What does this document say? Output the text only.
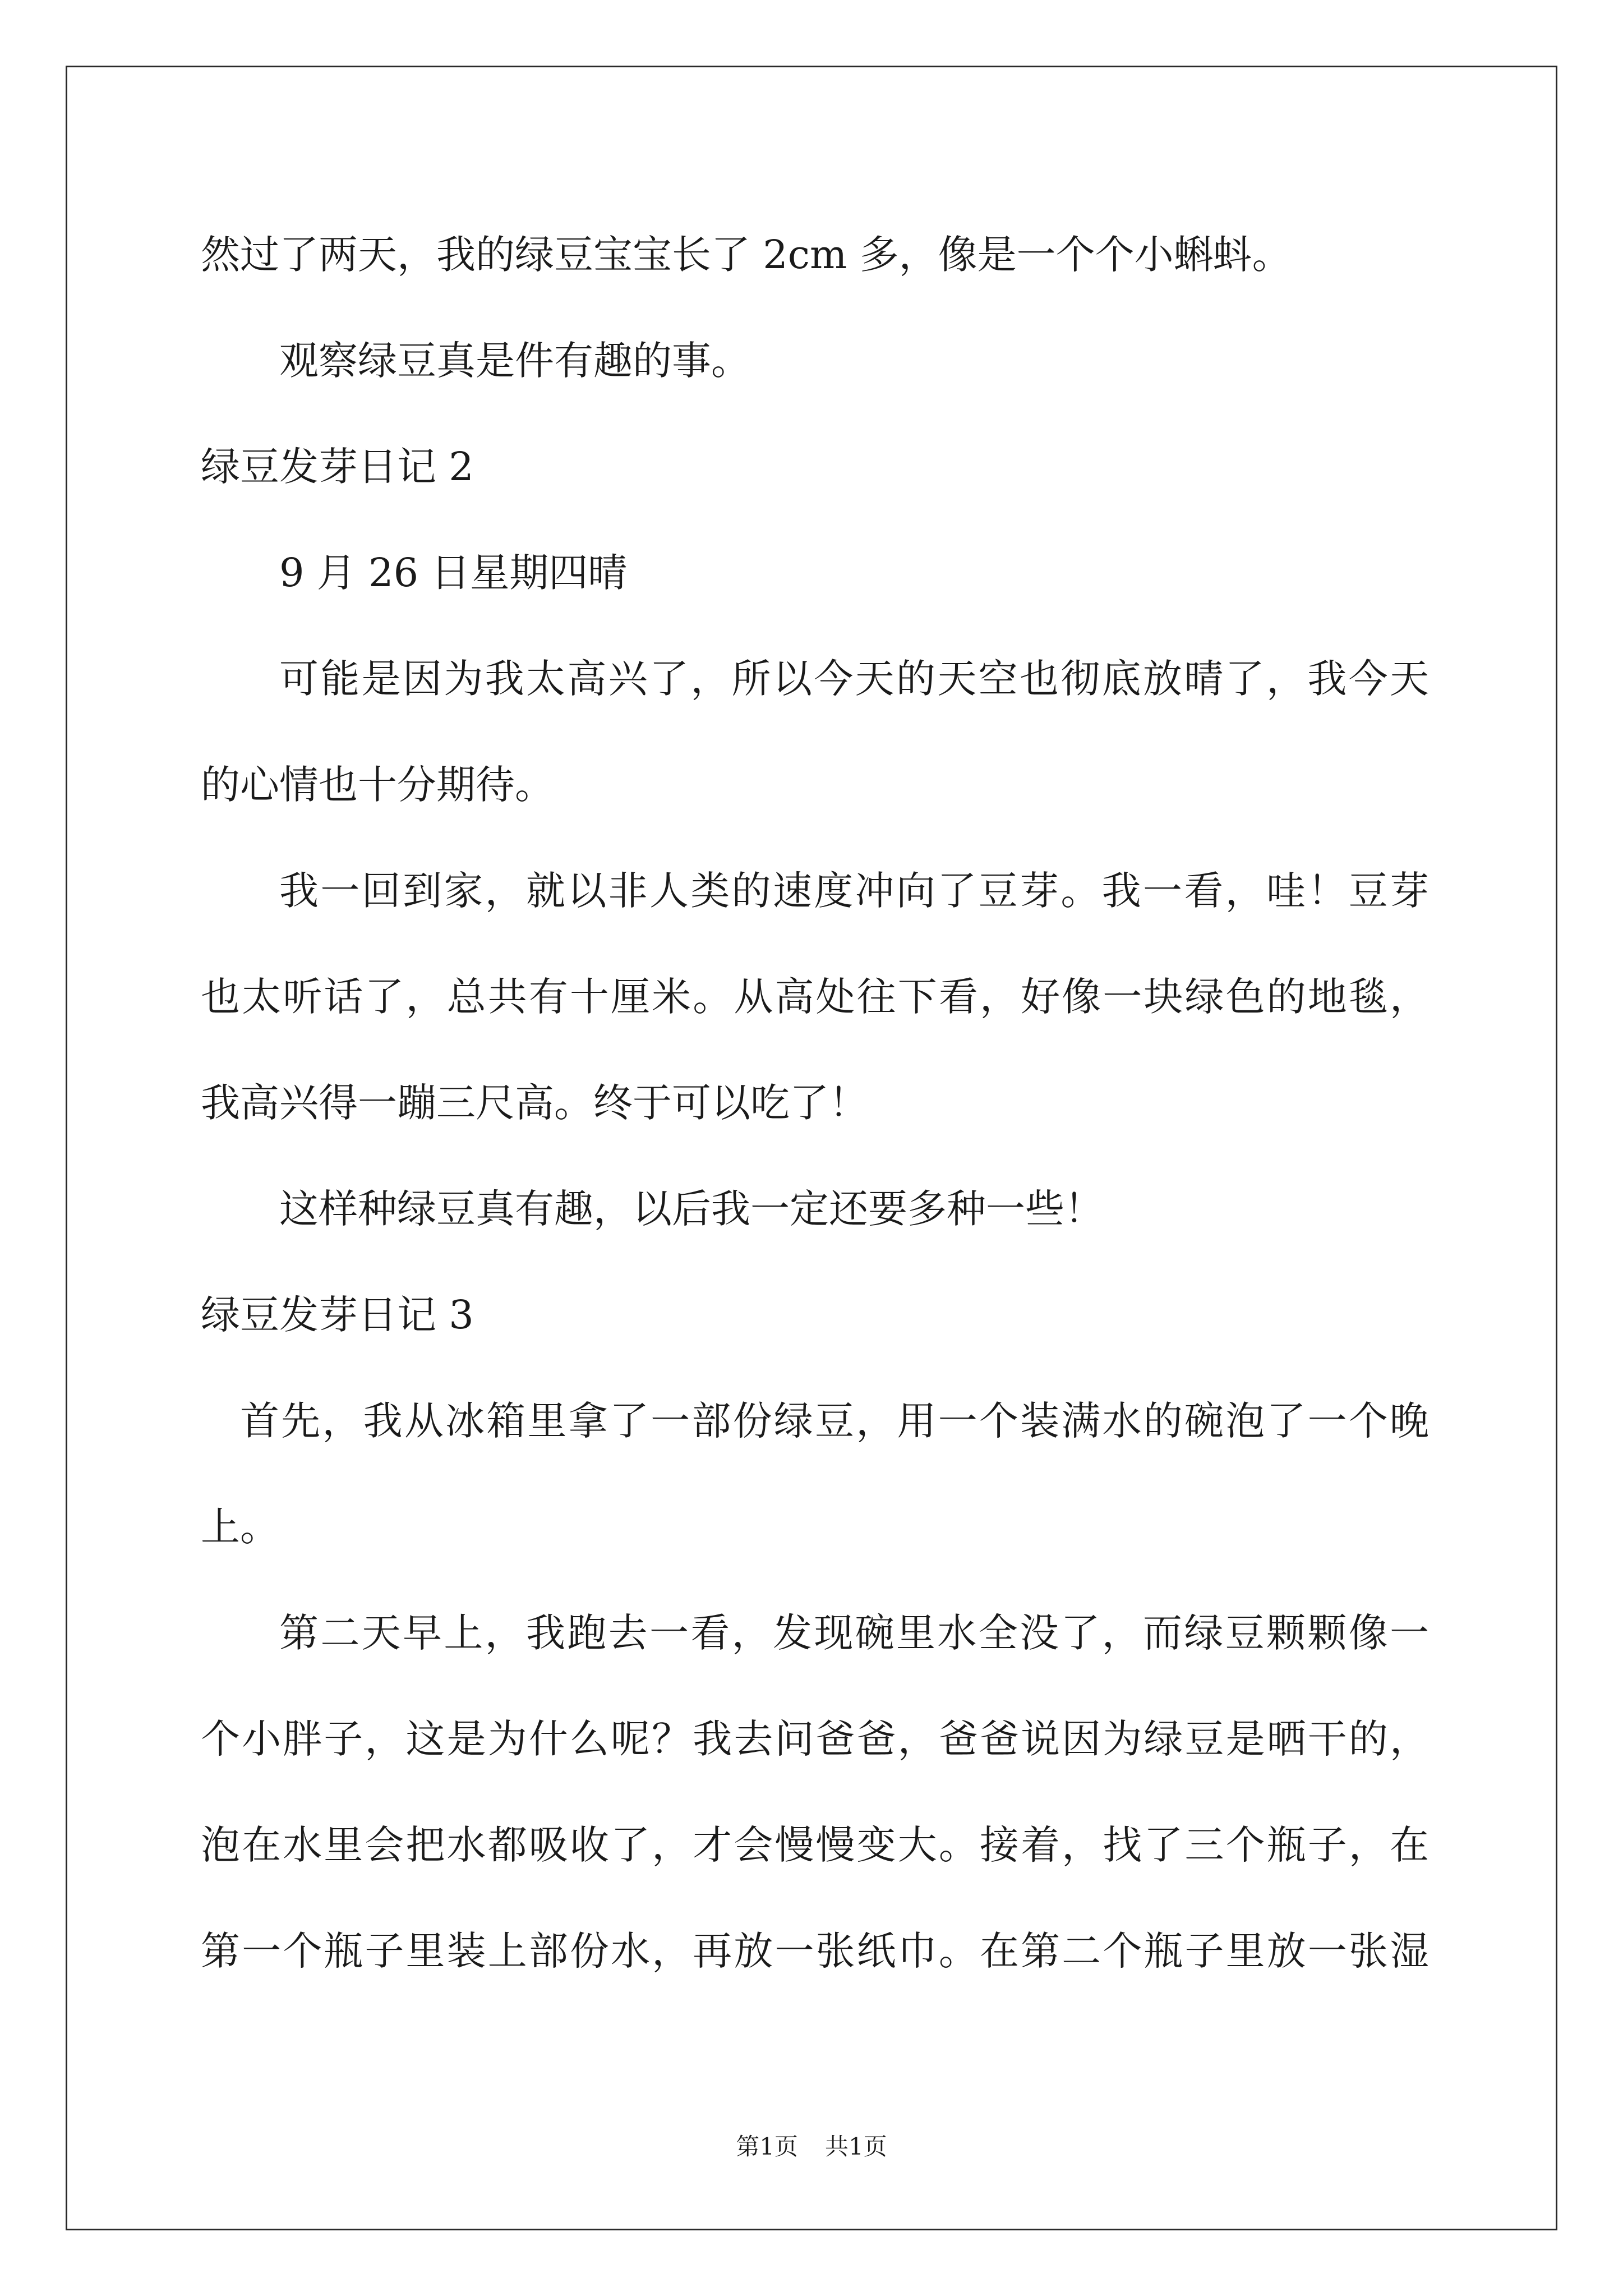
然过了两天，我的绿豆宝宝长了 2cm 多，像是一个个小蝌蚪。
观察绿豆真是件有趣的事。
绿豆发芽日记 2
9 月 26 日星期四晴
可能是因为我太高兴了，所以今天的天空也彻底放晴了，我今天
的心情也十分期待。
我一回到家，就以非人类的速度冲向了豆芽。我一看，哇！豆芽
也太听话了，总共有十厘米。从高处往下看，好像一块绿色的地毯，
我高兴得一蹦三尺高。终于可以吃了！
这样种绿豆真有趣，以后我一定还要多种一些！
绿豆发芽日记 3
首先，我从冰箱里拿了一部份绿豆，用一个装满水的碗泡了一个晚
上。
第二天早上，我跑去一看，发现碗里水全没了，而绿豆颗颗像一
个小胖子，这是为什么呢？我去问爸爸，爸爸说因为绿豆是晒干的，
泡在水里会把水都吸收了，才会慢慢变大。接着，找了三个瓶子，在
第一个瓶子里装上部份水，再放一张纸巾。在第二个瓶子里放一张湿
第1页 共1页
